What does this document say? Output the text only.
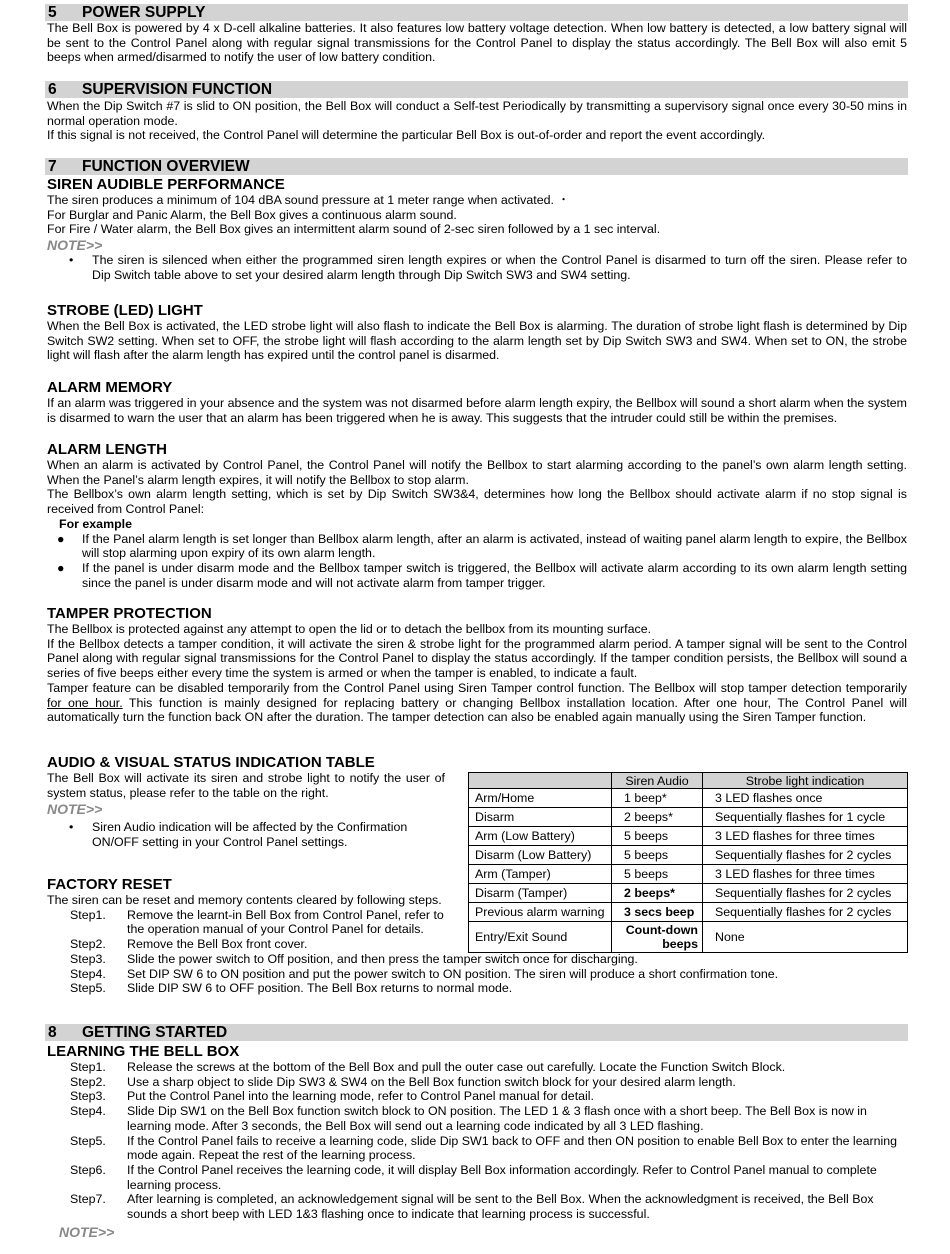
5 POWER SUPPLY

The Bell Box is powered by 4 x D-cell alkaline batteries. It also features low battery voltage detection. When low battery is detected, a low battery signal will be sent to the Control Panel along with regular signal transmissions for the Control Panel to display the status accordingly. The Bell Box will also emit 5 beeps when armed/disarmed to notify the user of low battery condition.

6 SUPERVISION FUNCTION

When the Dip Switch #7 is slid to ON position, the Bell Box will conduct a Self-test Periodically by transmitting a supervisory signal once every 30-50 mins in normal operation mode.

If this signal is not received, the Control Panel will determine the particular Bell Box is out-of-order and report the event accordingly.

7 FUNCTION OVERVIEW
SIREN AUDIBLE PERFORMANCE

The siren produces a minimum of 104 dBA sound pressure at 1 meter range when activated. ・

For Burglar and Panic Alarm, the Bell Box gives a continuous alarm sound.

For Fire / Water alarm, the Bell Box gives an intermittent alarm sound of 2-sec siren followed by a 1 sec interval.

NOTE>>
• The siren is silenced when either the programmed siren length expires or when the Control Panel is disarmed to turn off the siren. Please refer to Dip Switch table above to set your desired alarm length through Dip Switch SW3 and SW4 setting.
STROBE (LED) LIGHT

When the Bell Box is activated, the LED strobe light will also flash to indicate the Bell Box is alarming. The duration of strobe light flash is determined by Dip Switch SW2 setting. When set to OFF, the strobe light will flash according to the alarm length set by Dip Switch SW3 and SW4. When set to ON, the strobe light will flash after the alarm length has expired until the control panel is disarmed.

ALARM MEMORY

If an alarm was triggered in your absence and the system was not disarmed before alarm length expiry, the Bellbox will sound a short alarm when the system is disarmed to warn the user that an alarm has been triggered when he is away. This suggests that the intruder could still be within the premises.

ALARM LENGTH

When an alarm is activated by Control Panel, the Control Panel will notify the Bellbox to start alarming according to the panel’s own alarm length setting. When the Panel’s alarm length expires, it will notify the Bellbox to stop alarm.

The Bellbox’s own alarm length setting, which is set by Dip Switch SW3&4, determines how long the Bellbox should activate alarm if no stop signal is received from Control Panel:

For example
● If the Panel alarm length is set longer than Bellbox alarm length, after an alarm is activated, instead of waiting panel alarm length to expire, the Bellbox will stop alarming upon expiry of its own alarm length.
● If the panel is under disarm mode and the Bellbox tamper switch is triggered, the Bellbox will activate alarm according to its own alarm length setting since the panel is under disarm mode and will not activate alarm from tamper trigger.
TAMPER PROTECTION

The Bellbox is protected against any attempt to open the lid or to detach the bellbox from its mounting surface.

If the Bellbox detects a tamper condition, it will activate the siren & strobe light for the programmed alarm period. A tamper signal will be sent to the Control Panel along with regular signal transmissions for the Control Panel to display the status accordingly. If the tamper condition persists, the Bellbox will sound a series of five beeps either every time the system is armed or when the tamper is enabled, to indicate a fault.

Tamper feature can be disabled temporarily from the Control Panel using Siren Tamper control function. The Bellbox will stop tamper detection temporarily for one hour. This function is mainly designed for replacing battery or changing Bellbox installation location. After one hour, The Control Panel will automatically turn the function back ON after the duration. The tamper detection can also be enabled again manually using the Siren Tamper function.

AUDIO & VISUAL STATUS INDICATION TABLE

The Bell Box will activate its siren and strobe light to notify the user of system status, please refer to the table on the right.

NOTE>>
• Siren Audio indication will be affected by the Confirmation ON/OFF setting in your Control Panel settings.
	Siren Audio	Strobe light indication
Arm/Home	1 beep*	3 LED flashes once
Disarm	2 beeps*	Sequentially flashes for 1 cycle
Arm (Low Battery)	5 beeps	3 LED flashes for three times
Disarm (Low Battery)	5 beeps	Sequentially flashes for 2 cycles
Arm (Tamper)	5 beeps	3 LED flashes for three times
Disarm (Tamper)	2 beeps*	Sequentially flashes for 2 cycles
Previous alarm warning	3 secs beep	Sequentially flashes for 2 cycles
Entry/Exit Sound	Count-down beeps	None
FACTORY RESET

The siren can be reset and memory contents cleared by following steps.

Step1. Remove the learnt-in Bell Box from Control Panel, refer to the operation manual of your Control Panel for details.
Step2. Remove the Bell Box front cover.
Step3. Slide the power switch to Off position, and then press the tamper switch once for discharging.
Step4. Set DIP SW 6 to ON position and put the power switch to ON position. The siren will produce a short confirmation tone.
Step5. Slide DIP SW 6 to OFF position. The Bell Box returns to normal mode.
8 GETTING STARTED
LEARNING THE BELL BOX
Step1. Release the screws at the bottom of the Bell Box and pull the outer case out carefully. Locate the Function Switch Block.
Step2. Use a sharp object to slide Dip SW3 & SW4 on the Bell Box function switch block for your desired alarm length.
Step3. Put the Control Panel into the learning mode, refer to Control Panel manual for detail.
Step4. Slide Dip SW1 on the Bell Box function switch block to ON position. The LED 1 & 3 flash once with a short beep. The Bell Box is now in learning mode. After 3 seconds, the Bell Box will send out a learning code indicated by all 3 LED flashing.
Step5. If the Control Panel fails to receive a learning code, slide Dip SW1 back to OFF and then ON position to enable Bell Box to enter the learning mode again. Repeat the rest of the learning process.
Step6. If the Control Panel receives the learning code, it will display Bell Box information accordingly. Refer to Control Panel manual to complete learning process.
Step7. After learning is completed, an acknowledgement signal will be sent to the Bell Box. When the acknowledgment is received, the Bell Box sounds a short beep with LED 1&3 flashing once to indicate that learning process is successful.
NOTE>>
